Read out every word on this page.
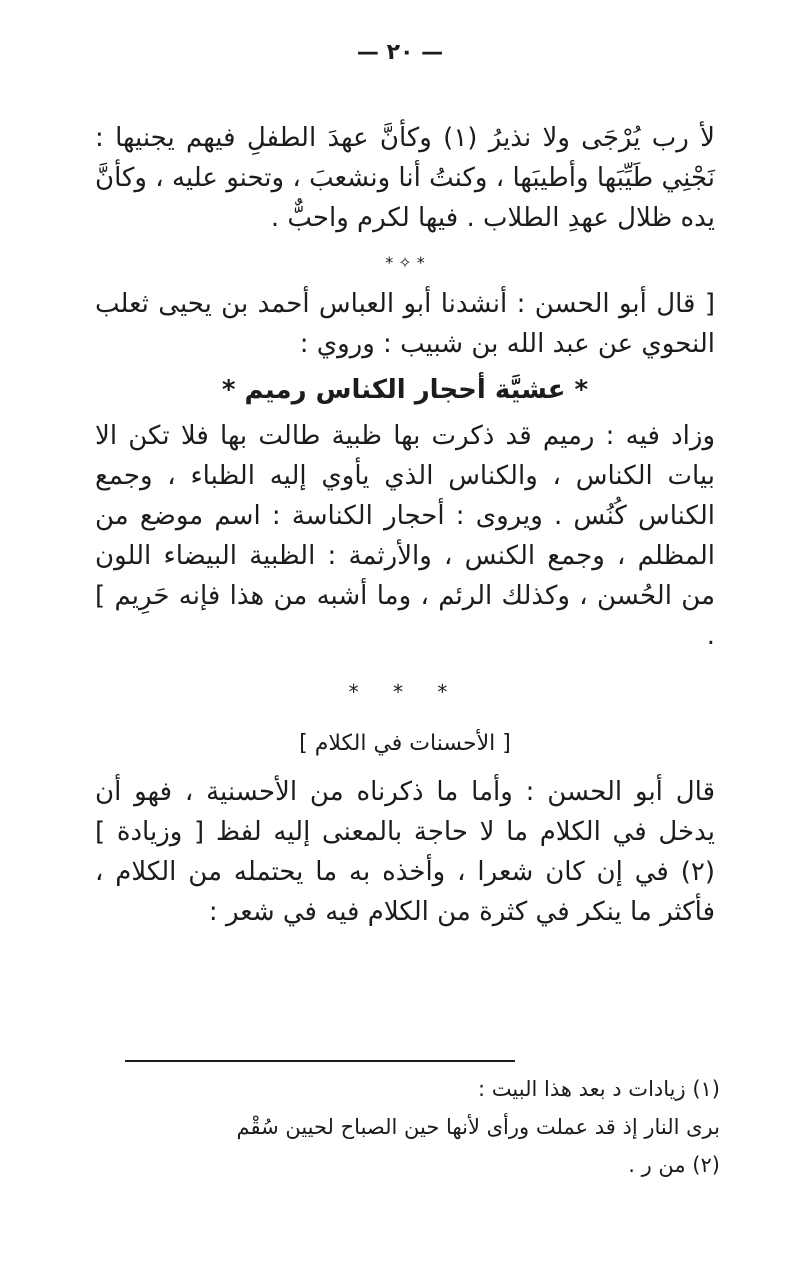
— ٢٠ —

لأ رب يُرْجَى ولا نذيرُ (١) وكأنَّ عهدَ الطفلِ فيهم يجنيها : نَجْنِي طَيِّبَها وأطيبَها ، وكنتُ أنا ونشعبَ ، وتحنو عليه ، وكأنَّ يده ظلال عهدِ الطلاب . فيها لكرم واحبٌّ .

* ✧ *

[ قال أبو الحسن : أنشدنا أبو العباس أحمد بن يحيى ثعلب النحوي عن عبد الله بن شبيب : وروي :

* عشيَّة أحجار الكناس رميم *

وزاد فيه : رميم قد ذكرت بها ظبية طالت بها فلا تكن الا بيات الكناس ، والكناس الذي يأوي إليه الظباء ، وجمع الكناس كُنُس . ويروى : أحجار الكناسة : اسم موضع من المظلم ، وجمع الكنس ، والأرثمة : الظبية البيضاء اللون من الحُسن ، وكذلك الرئم ، وما أشبه من هذا فإنه حَرِيم ] .

* * *

[ الأحسنات في الكلام ]

قال أبو الحسن : وأما ما ذكرناه من الأحسنية ، فهو أن يدخل في الكلام ما لا حاجة بالمعنى إليه لفظ [ وزيادة ] (٢) في إن كان شعرا ، وأخذه به ما يحتمله من الكلام ، فأكثر ما ينكر في كثرة من الكلام فيه في شعر :

(١) زيادات د بعد هذا البيت :

برى النار إذ قد عملت ورأى لأنها حين الصباح لحيين سُقْم

(٢) من ر .
